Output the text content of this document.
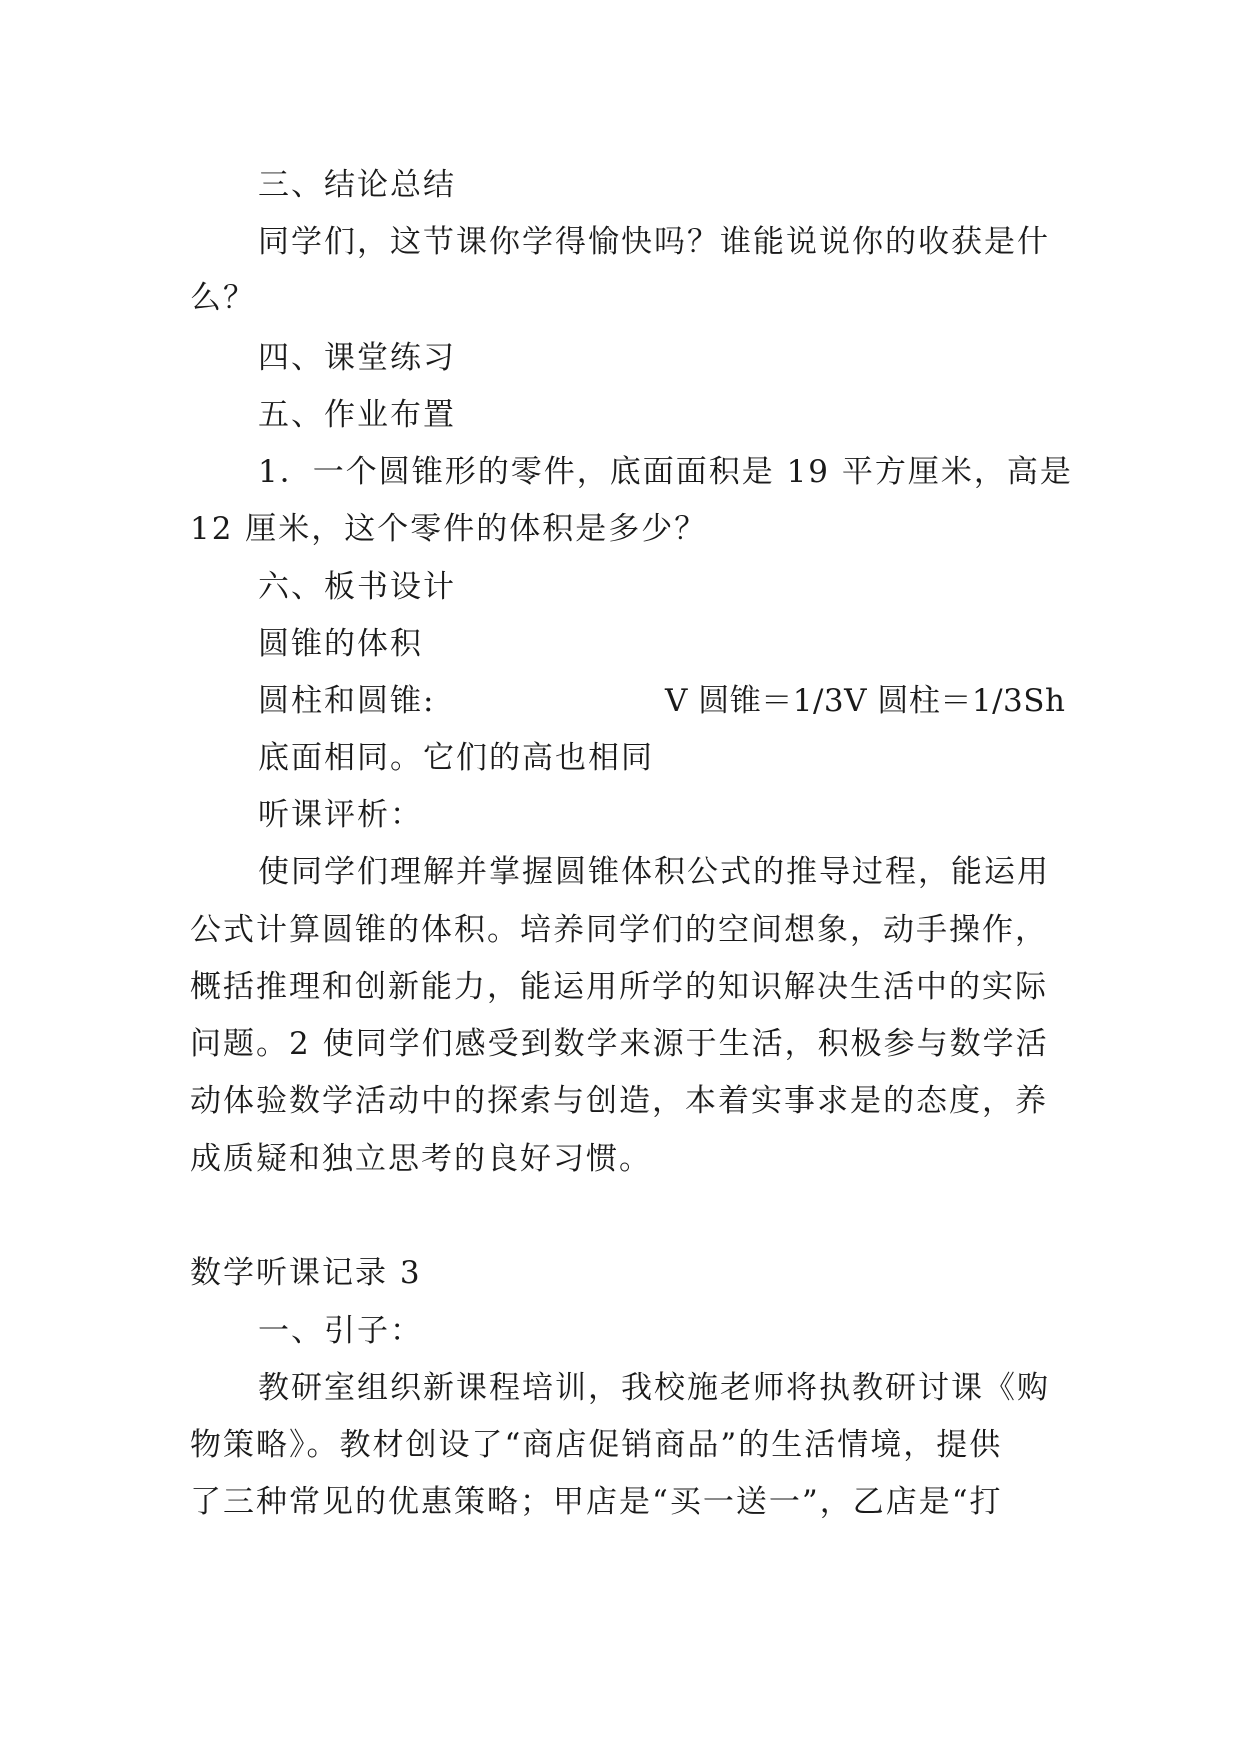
三、结论总结
同学们，这节课你学得愉快吗？谁能说说你的收获是什
么？
四、课堂练习
五、作业布置
1．一个圆锥形的零件，底面面积是 19 平方厘米，高是
12 厘米，这个零件的体积是多少？
六、板书设计
圆锥的体积
圆柱和圆锥:	V 圆锥＝1/3V 圆柱＝1/3Sh
底面相同。它们的高也相同
听课评析：
使同学们理解并掌握圆锥体积公式的推导过程，能运用
公式计算圆锥的体积。培养同学们的空间想象，动手操作，
概括推理和创新能力，能运用所学的知识解决生活中的实际
问题。2 使同学们感受到数学来源于生活，积极参与数学活
动体验数学活动中的探索与创造，本着实事求是的态度，养
成质疑和独立思考的良好习惯。
数学听课记录 3
一、引子：
教研室组织新课程培训，我校施老师将执教研讨课《购
物策略》。教材创设了“商店促销商品”的生活情境，提供
了三种常见的优惠策略；甲店是“买一送一”，乙店是“打
